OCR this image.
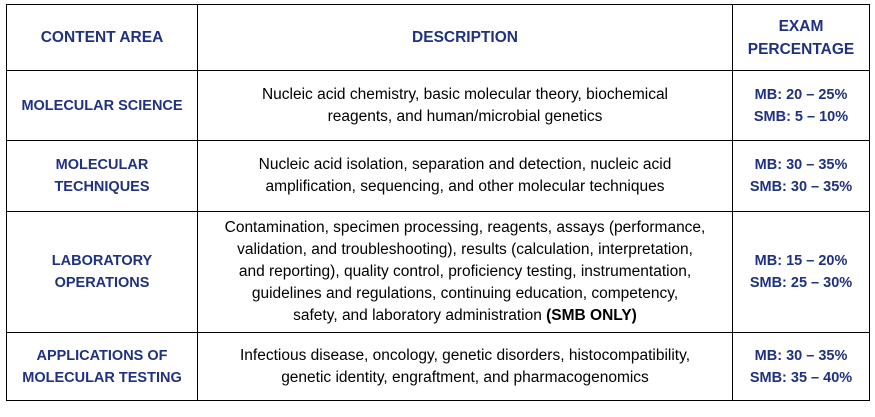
CONTENT AREA	DESCRIPTION	EXAM
PERCENTAGE

MOLECULAR SCIENCE	Nucleic acid chemistry, basic molecular theory, biochemical
reagents, and human/microbial genetics	MB: 20 – 25%
SMB: 5 – 10%

MOLECULAR
TECHNIQUES	Nucleic acid isolation, separation and detection, nucleic acid
amplification, sequencing, and other molecular techniques	MB: 30 – 35%
SMB: 30 – 35%

LABORATORY
OPERATIONS	Contamination, specimen processing, reagents, assays (performance,
validation, and troubleshooting), results (calculation, interpretation,
and reporting), quality control, proficiency testing, instrumentation,
guidelines and regulations, continuing education, competency,
safety, and laboratory administration (SMB ONLY)	MB: 15 – 20%
SMB: 25 – 30%

APPLICATIONS OF
MOLECULAR TESTING	Infectious disease, oncology, genetic disorders, histocompatibility,
genetic identity, engraftment, and pharmacogenomics	MB: 30 – 35%
SMB: 35 – 40%
